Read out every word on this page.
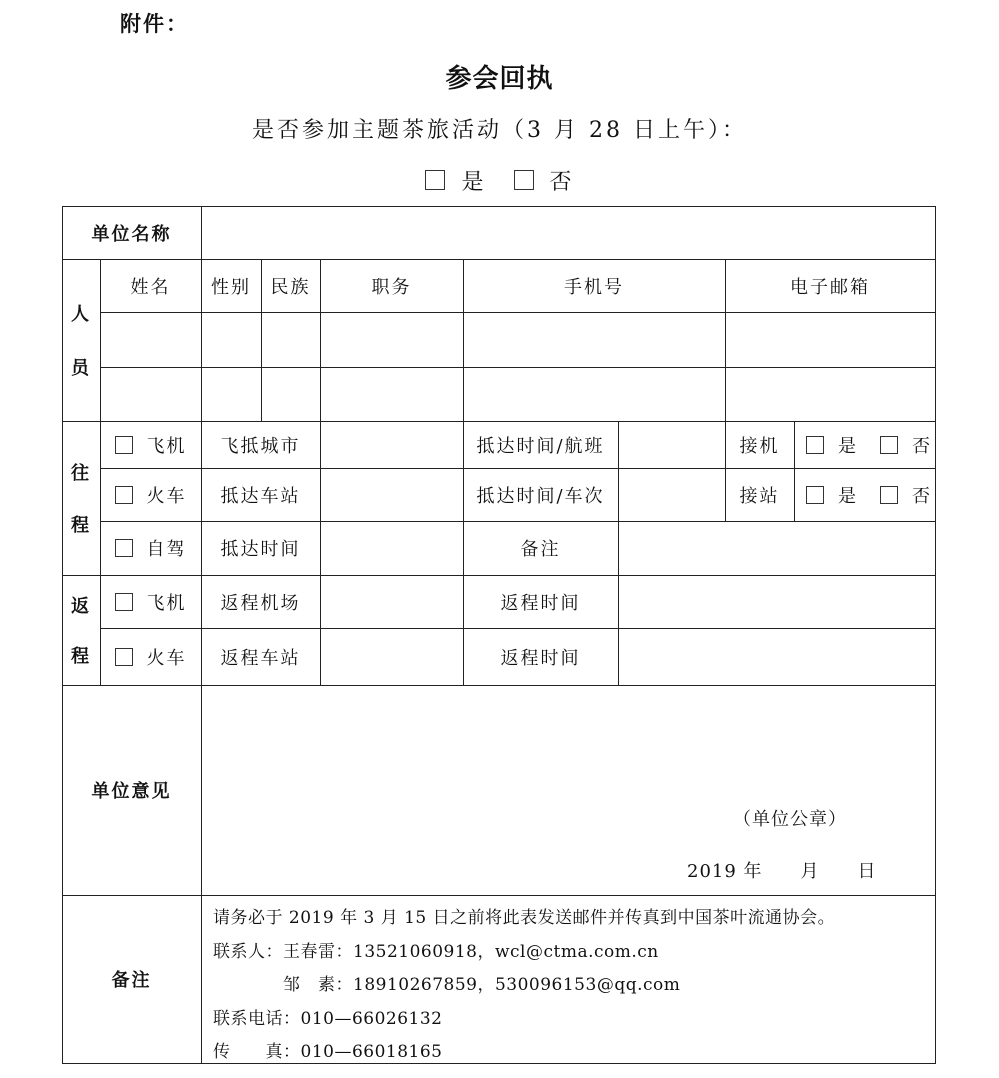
附件：
参会回执
是否参加主题茶旅活动（3 月 28 日上午）：
是	否
单位名称
人
员
姓名	性别	民族	职务	手机号	电子邮箱
往
程
飞机	飞抵城市	抵达时间/航班	接机	是	否
火车	抵达车站	抵达时间/车次	接站	是	否
自驾	抵达时间	备注
返
程
飞机	返程机场	返程时间
火车	返程车站	返程时间
单位意见
（单位公章）
2019 年　　月　　日
备注
请务必于 2019 年 3 月 15 日之前将此表发送邮件并传真到中国茶叶流通协会。
联系人：王春雷：13521060918，wcl@ctma.com.cn
　　　　邹　素：18910267859，530096153@qq.com
联系电话：010—66026132
传　　真：010—66018165
